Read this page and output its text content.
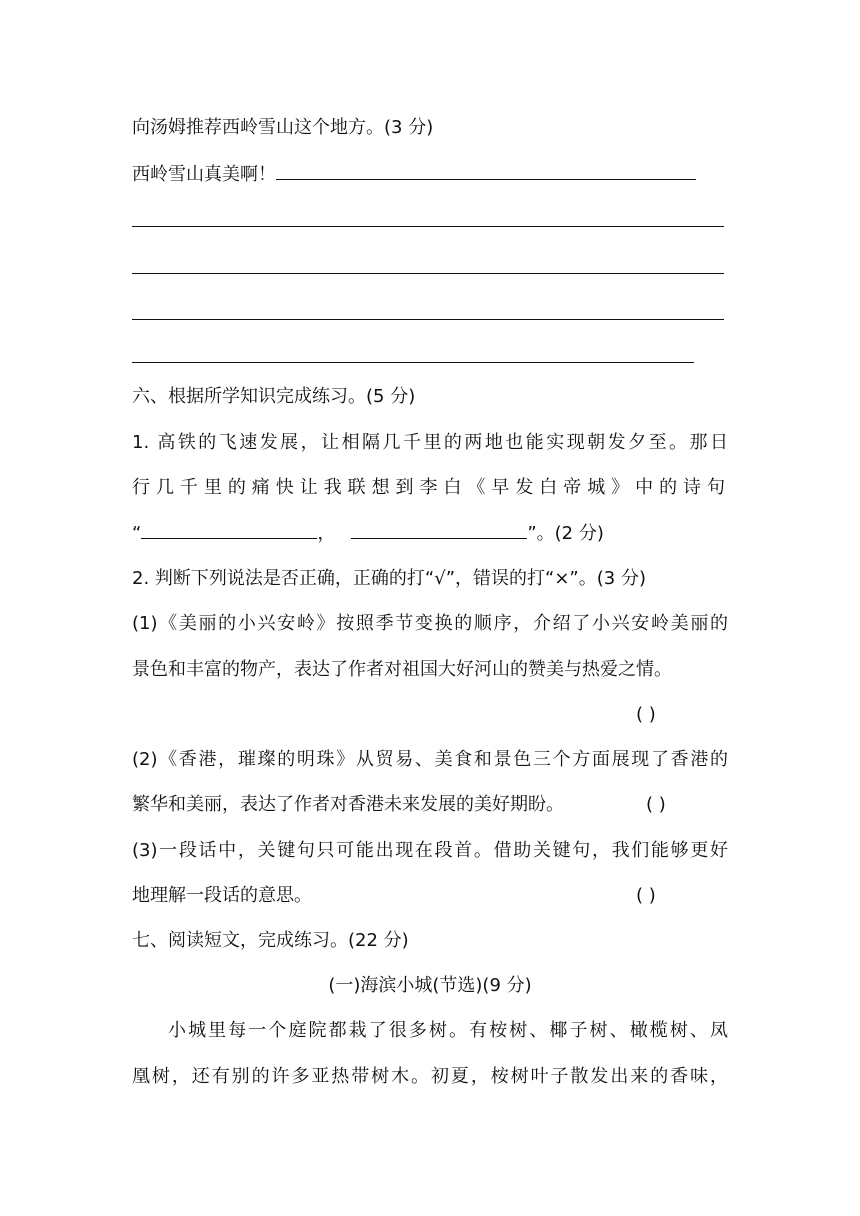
向汤姆推荐西岭雪山这个地方。(3 分)
西岭雪山真美啊！
六、根据所学知识完成练习。(5 分)
1. 高铁的飞速发展，让相隔几千里的两地也能实现朝发夕至。那日
行几千里的痛快让我联想到李白《早发白帝城》中的诗句
“	，	”。(2 分)
2. 判断下列说法是否正确，正确的打“√”，错误的打“×”。(3 分)
(1)《美丽的小兴安岭》按照季节变换的顺序，介绍了小兴安岭美丽的
景色和丰富的物产，表达了作者对祖国大好河山的赞美与热爱之情。
( )
(2)《香港，璀璨的明珠》从贸易、美食和景色三个方面展现了香港的
繁华和美丽，表达了作者对香港未来发展的美好期盼。	( )
(3)一段话中，关键句只可能出现在段首。借助关键句，我们能够更好
地理解一段话的意思。	( )
七、阅读短文，完成练习。(22 分)
(一)海滨小城(节选)(9 分)
小城里每一个庭院都栽了很多树。有桉树、椰子树、橄榄树、凤
凰树，还有别的许多亚热带树木。初夏，桉树叶子散发出来的香味，
